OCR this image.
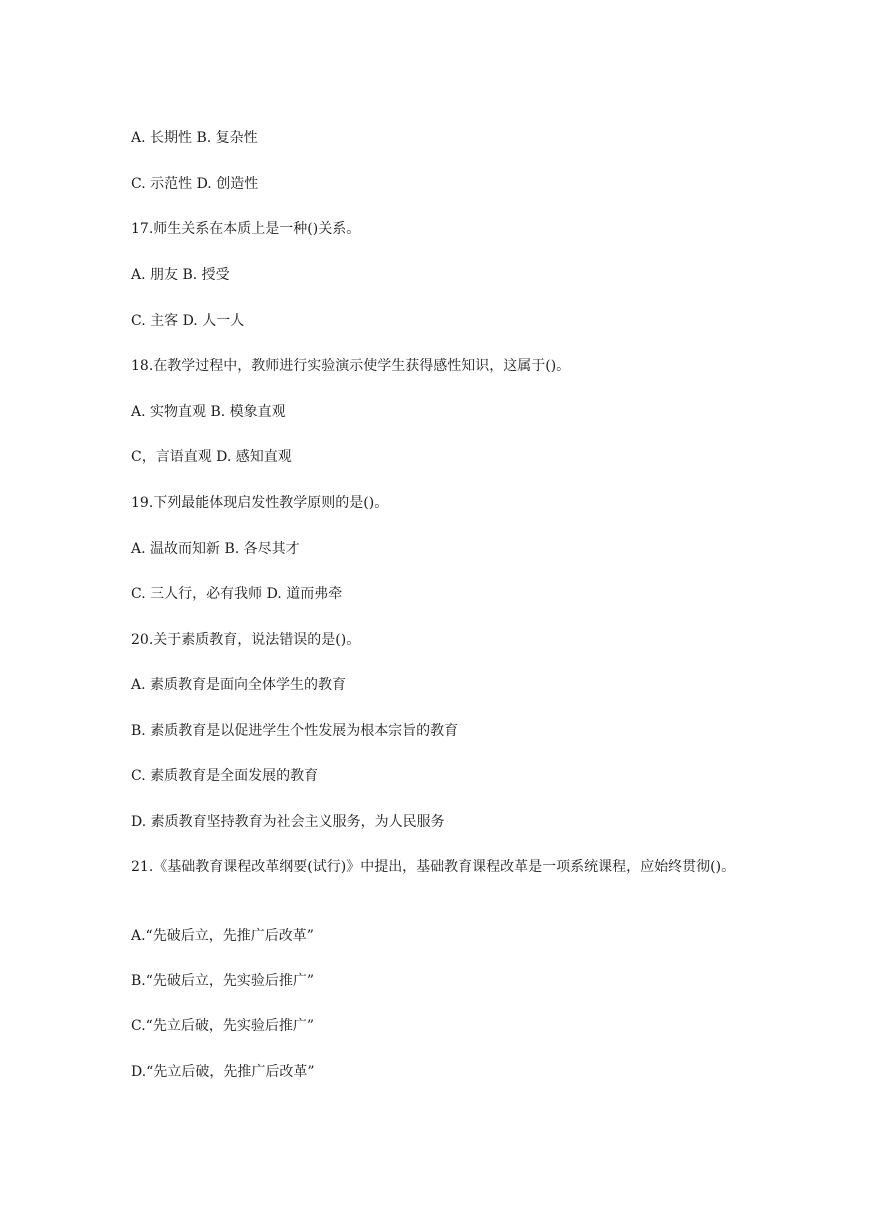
A. 长期性 B. 复杂性
C. 示范性 D. 创造性
17.师生关系在本质上是一种()关系。
A. 朋友 B. 授受
C. 主客 D. 人一人
18.在教学过程中，教师进行实验演示使学生获得感性知识，这属于()。
A. 实物直观 B. 模象直观
C，言语直观 D. 感知直观
19.下列最能体现启发性教学原则的是()。
A. 温故而知新 B. 各尽其才
C. 三人行，必有我师 D. 道而弗牵
20.关于素质教育，说法错误的是()。
A. 素质教育是面向全体学生的教育
B. 素质教育是以促进学生个性发展为根本宗旨的教育
C. 素质教育是全面发展的教育
D. 素质教育坚持教育为社会主义服务，为人民服务
21.《基础教育课程改革纲要(试行)》中提出，基础教育课程改革是一项系统课程，应始终贯彻()。
A.“先破后立，先推广后改革”
B.“先破后立，先实验后推广”
C.“先立后破，先实验后推广”
D.“先立后破，先推广后改革”
